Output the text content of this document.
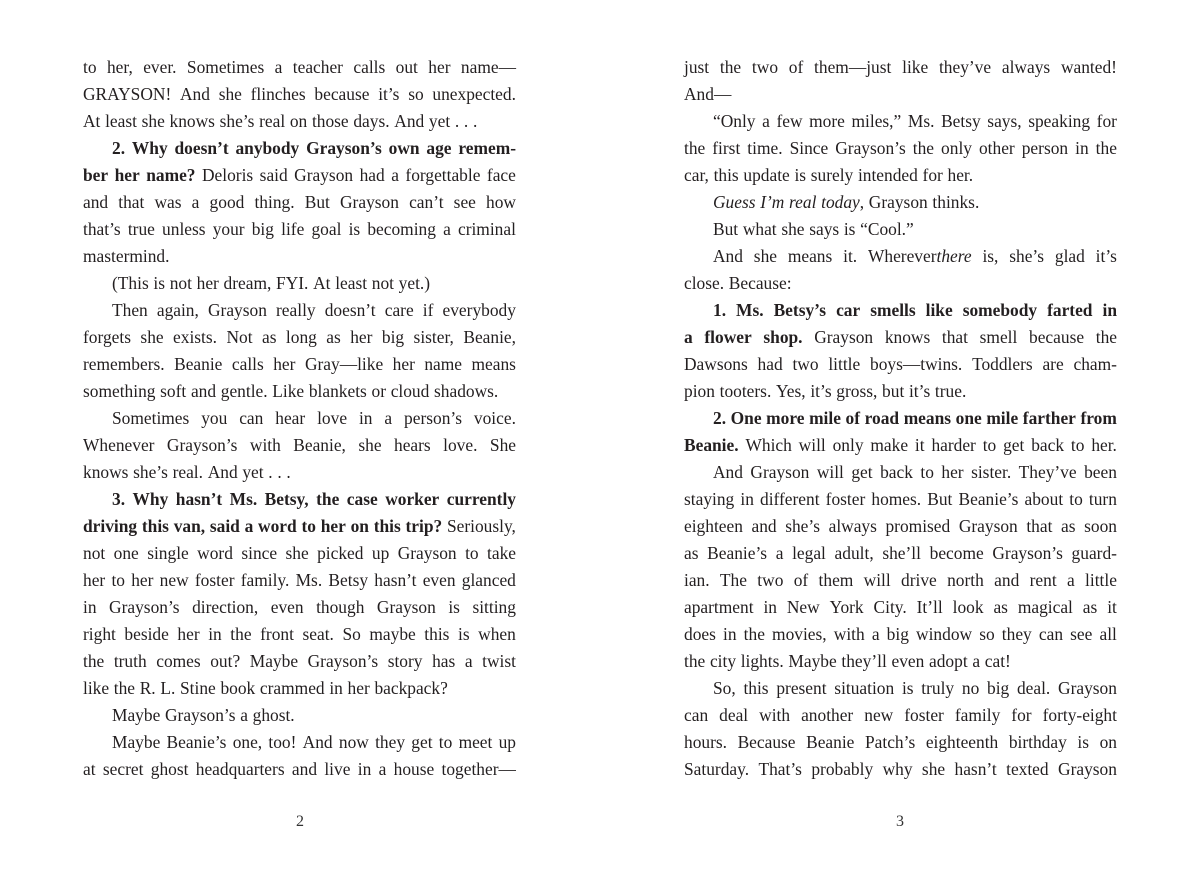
to her, ever. Sometimes a teacher calls out her name—
GRAYSON! And she flinches because it’s so unexpected.
At least she knows she’s real on those days. And yet . . .
2. Why doesn’t anybody Grayson’s own age remem-
ber her name? Deloris said Grayson had a forgettable face
and that was a good thing. But Grayson can’t see how
that’s true unless your big life goal is becoming a criminal
mastermind.
(This is not her dream, FYI. At least not yet.)
Then again, Grayson really doesn’t care if everybody
forgets she exists. Not as long as her big sister, Beanie,
remembers. Beanie calls her Gray—like her name means
something soft and gentle. Like blankets or cloud shadows.
Sometimes you can hear love in a person’s voice.
Whenever Grayson’s with Beanie, she hears love. She
knows she’s real. And yet . . .
3. Why hasn’t Ms. Betsy, the case worker currently
driving this van, said a word to her on this trip? Seriously,
not one single word since she picked up Grayson to take
her to her new foster family. Ms. Betsy hasn’t even glanced
in Grayson’s direction, even though Grayson is sitting
right beside her in the front seat. So maybe this is when
the truth comes out? Maybe Grayson’s story has a twist
like the R. L. Stine book crammed in her backpack?
Maybe Grayson’s a ghost.
Maybe Beanie’s one, too! And now they get to meet up
at secret ghost headquarters and live in a house together—
just the two of them—just like they’ve always wanted!
And—
“Only a few more miles,” Ms. Betsy says, speaking for
the first time. Since Grayson’s the only other person in the
car, this update is surely intended for her.
Guess I’m real today, Grayson thinks.
But what she says is “Cool.”
And she means it. Whereverthere is, she’s glad it’s
close. Because:
1. Ms. Betsy’s car smells like somebody farted in
a flower shop. Grayson knows that smell because the
Dawsons had two little boys—twins. Toddlers are cham-
pion tooters. Yes, it’s gross, but it’s true.
2. One more mile of road means one mile farther from
Beanie. Which will only make it harder to get back to her.
And Grayson will get back to her sister. They’ve been
staying in different foster homes. But Beanie’s about to turn
eighteen and she’s always promised Grayson that as soon
as Beanie’s a legal adult, she’ll become Grayson’s guard-
ian. The two of them will drive north and rent a little
apartment in New York City. It’ll look as magical as it
does in the movies, with a big window so they can see all
the city lights. Maybe they’ll even adopt a cat!
So, this present situation is truly no big deal. Grayson
can deal with another new foster family for forty-eight
hours. Because Beanie Patch’s eighteenth birthday is on
Saturday. That’s probably why she hasn’t texted Grayson
2	3
